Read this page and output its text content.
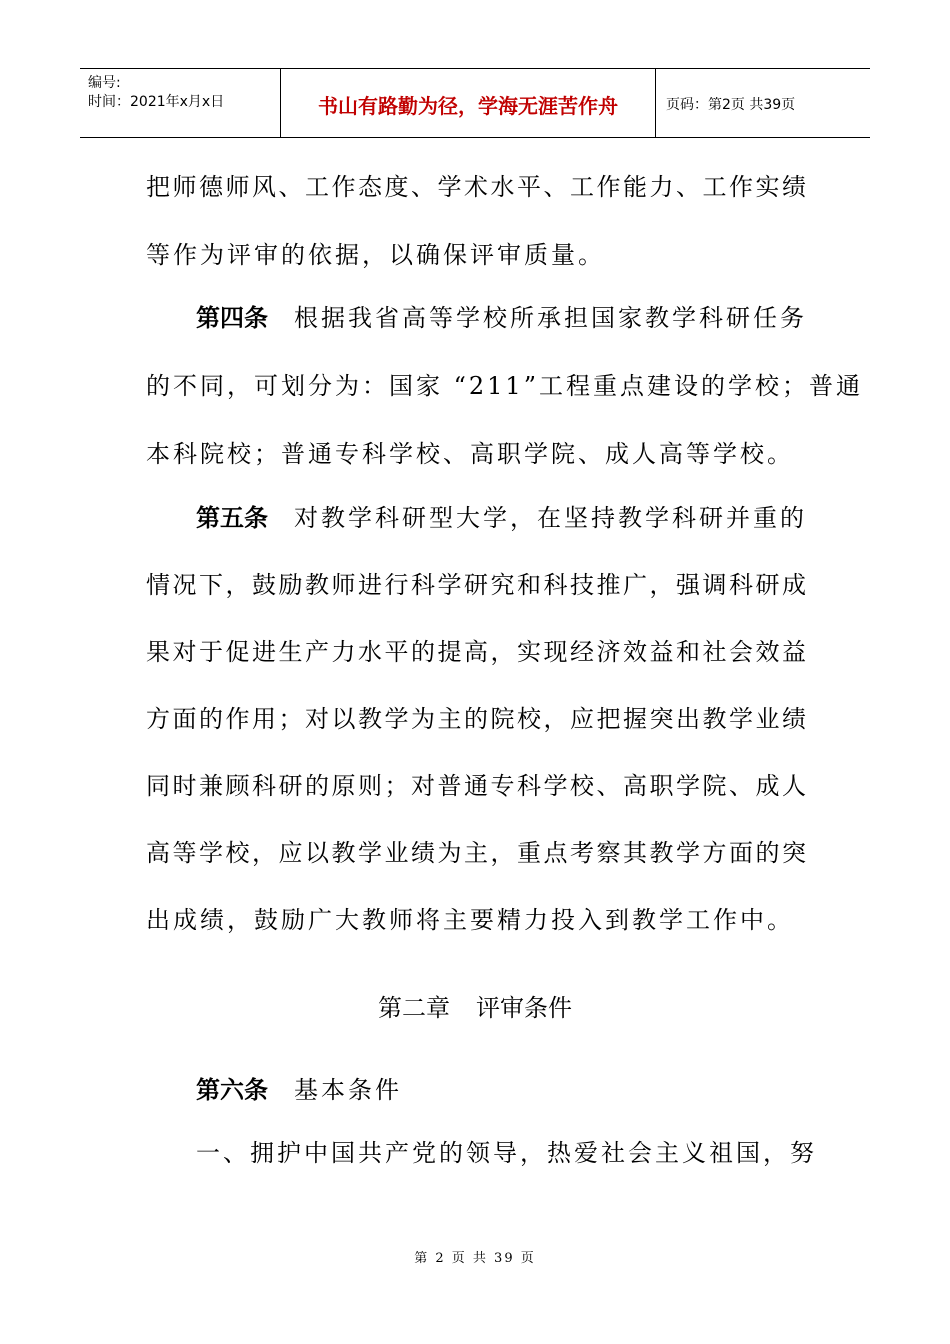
编号:
时间：2021年x月x日	书山有路勤为径，学海无涯苦作舟	页码：第2页 共39页
把师德师风、工作态度、学术水平、工作能力、工作实绩
等作为评审的依据，以确保评审质量。
第四条 根据我省高等学校所承担国家教学科研任务
的不同，可划分为：国家 “211”工程重点建设的学校；普通
本科院校；普通专科学校、高职学院、成人高等学校。
第五条 对教学科研型大学，在坚持教学科研并重的
情况下，鼓励教师进行科学研究和科技推广，强调科研成
果对于促进生产力水平的提高，实现经济效益和社会效益
方面的作用；对以教学为主的院校，应把握突出教学业绩
同时兼顾科研的原则；对普通专科学校、高职学院、成人
高等学校，应以教学业绩为主，重点考察其教学方面的突
出成绩，鼓励广大教师将主要精力投入到教学工作中。
第二章 评审条件
第六条 基本条件
一、拥护中国共产党的领导，热爱社会主义祖国，努
第 2 页 共 39 页
